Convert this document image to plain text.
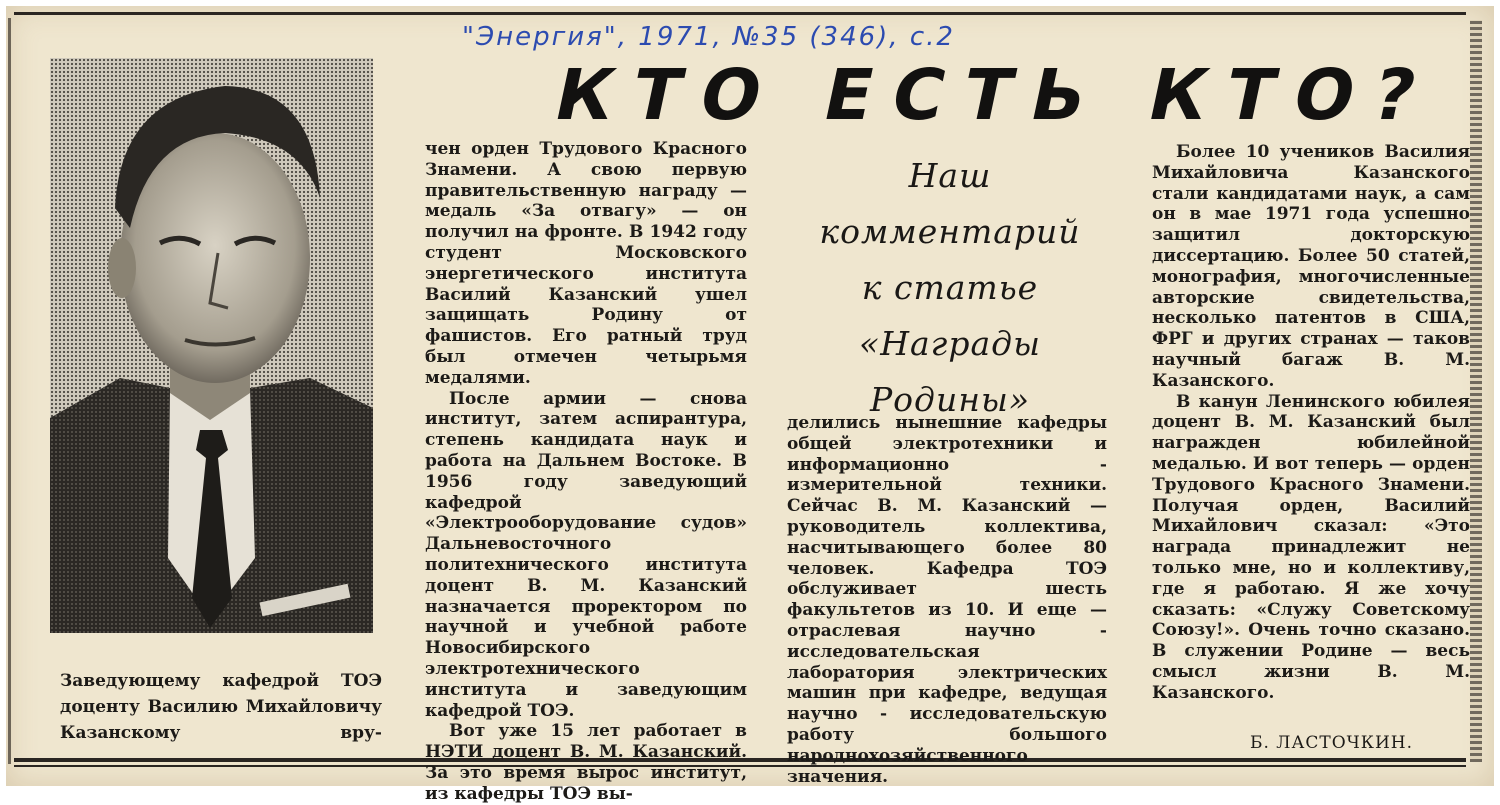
"Энергия", 1971, №35 (346), с.2
КТО ЕСТЬ КТО?
Заведующему кафедрой ТОЭ доценту Василию Михайловичу Казанскому вру-

чен орден Трудового Красного Знамени. А свою первую правительственную награду — медаль «За отвагу» — он получил на фронте. В 1942 году студент Московского энергетического института Василий Казанский ушел защищать Родину от фашистов. Его ратный труд был отмечен четырьмя медалями.

После армии — снова институт, затем аспирантура, степень кандидата наук и работа на Дальнем Востоке. В 1956 году заведующий кафедрой «Электрооборудование судов» Дальневосточного политехнического института доцент В. М. Казанский назначается проректором по научной и учебной работе Новосибирского электротехнического института и заведующим кафедрой ТОЭ.

Вот уже 15 лет работает в НЭТИ доцент В. М. Казанский. За это время вырос институт, из кафедры ТОЭ вы-

Наш
комментарий
к статье
«Награды
Родины»

делились нынешние кафедры общей электротехники и информационно - измерительной техники. Сейчас В. М. Казанский — руководитель коллектива, насчитывающего более 80 человек. Кафедра ТОЭ обслуживает шесть факультетов из 10. И еще — отраслевая научно - исследовательская лаборатория электрических машин при кафедре, ведущая научно - исследовательскую работу большого народнохозяйственного значения.

Более 10 учеников Василия Михайловича Казанского стали кандидатами наук, а сам он в мае 1971 года успешно защитил докторскую диссертацию. Более 50 статей, монография, многочисленные авторские свидетельства, несколько патентов в США, ФРГ и других странах — таков научный багаж В. М. Казанского.

В канун Ленинского юбилея доцент В. М. Казанский был награжден юбилейной медалью. И вот теперь — орден Трудового Красного Знамени. Получая орден, Василий Михайлович сказал: «Это награда принадлежит не только мне, но и коллективу, где я работаю. Я же хочу сказать: «Служу Советскому Союзу!». Очень точно сказано. В служении Родине — весь смысл жизни В. М. Казанского.

Б. ЛАСТОЧКИН.
